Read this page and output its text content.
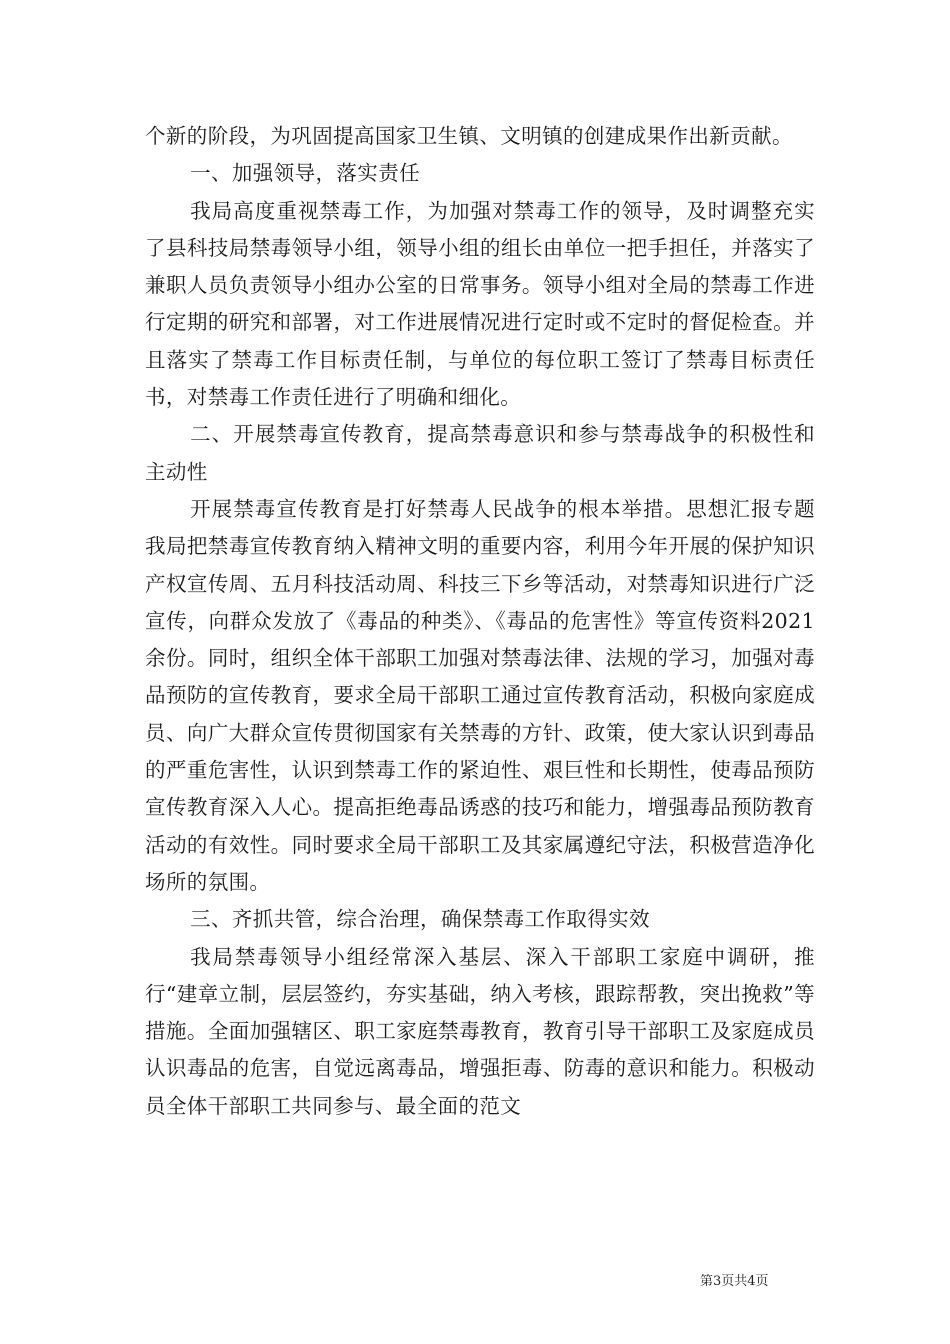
个新的阶段，为巩固提高国家卫生镇、文明镇的创建成果作出新贡献。

一、加强领导，落实责任

我局高度重视禁毒工作，为加强对禁毒工作的领导，及时调整充实了县科技局禁毒领导小组，领导小组的组长由单位一把手担任，并落实了兼职人员负责领导小组办公室的日常事务。领导小组对全局的禁毒工作进行定期的研究和部署，对工作进展情况进行定时或不定时的督促检查。并且落实了禁毒工作目标责任制，与单位的每位职工签订了禁毒目标责任书，对禁毒工作责任进行了明确和细化。

二、开展禁毒宣传教育，提高禁毒意识和参与禁毒战争的积极性和主动性

开展禁毒宣传教育是打好禁毒人民战争的根本举措。思想汇报专题我局把禁毒宣传教育纳入精神文明的重要内容，利用今年开展的保护知识产权宣传周、五月科技活动周、科技三下乡等活动，对禁毒知识进行广泛宣传，向群众发放了《毒品的种类》、《毒品的危害性》等宣传资料2021余份。同时，组织全体干部职工加强对禁毒法律、法规的学习，加强对毒品预防的宣传教育，要求全局干部职工通过宣传教育活动，积极向家庭成员、向广大群众宣传贯彻国家有关禁毒的方针、政策，使大家认识到毒品的严重危害性，认识到禁毒工作的紧迫性、艰巨性和长期性，使毒品预防宣传教育深入人心。提高拒绝毒品诱惑的技巧和能力，增强毒品预防教育活动的有效性。同时要求全局干部职工及其家属遵纪守法，积极营造净化场所的氛围。

三、齐抓共管，综合治理，确保禁毒工作取得实效

我局禁毒领导小组经常深入基层、深入干部职工家庭中调研，推行“建章立制，层层签约，夯实基础，纳入考核，跟踪帮教，突出挽救”等措施。全面加强辖区、职工家庭禁毒教育，教育引导干部职工及家庭成员认识毒品的危害，自觉远离毒品，增强拒毒、防毒的意识和能力。积极动员全体干部职工共同参与、最全面的范文

第3页共4页
